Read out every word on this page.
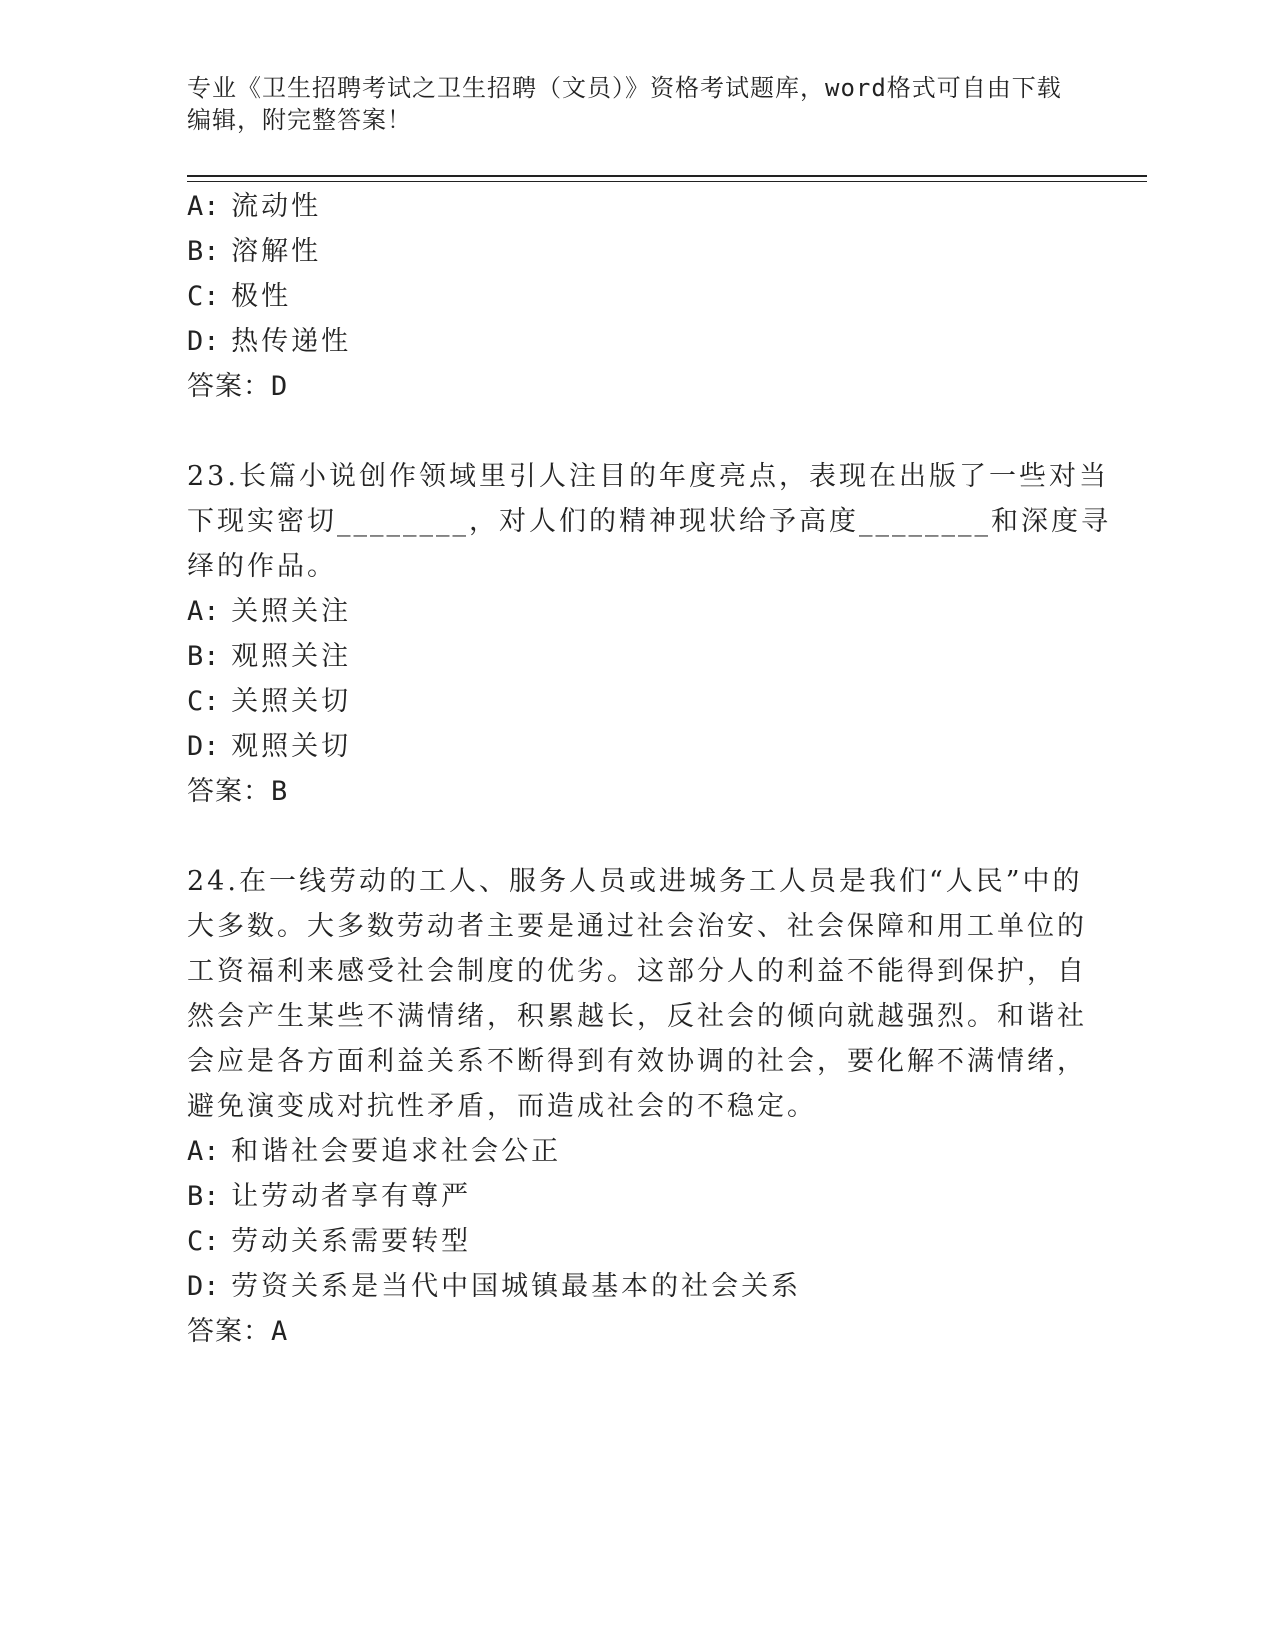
专业《卫生招聘考试之卫生招聘（文员）》资格考试题库，word格式可自由下载
编辑，附完整答案！
A: 流动性
B: 溶解性
C: 极性
D: 热传递性
答案：D
23.长篇小说创作领域里引人注目的年度亮点，表现在出版了一些对当
下现实密切________，对人们的精神现状给予高度________和深度寻
绎的作品。
A: 关照关注
B: 观照关注
C: 关照关切
D: 观照关切
答案：B
24.在一线劳动的工人、服务人员或进城务工人员是我们“人民”中的
大多数。大多数劳动者主要是通过社会治安、社会保障和用工单位的
工资福利来感受社会制度的优劣。这部分人的利益不能得到保护，自
然会产生某些不满情绪，积累越长，反社会的倾向就越强烈。和谐社
会应是各方面利益关系不断得到有效协调的社会，要化解不满情绪，
避免演变成对抗性矛盾，而造成社会的不稳定。
A: 和谐社会要追求社会公正
B: 让劳动者享有尊严
C: 劳动关系需要转型
D: 劳资关系是当代中国城镇最基本的社会关系
答案：A
